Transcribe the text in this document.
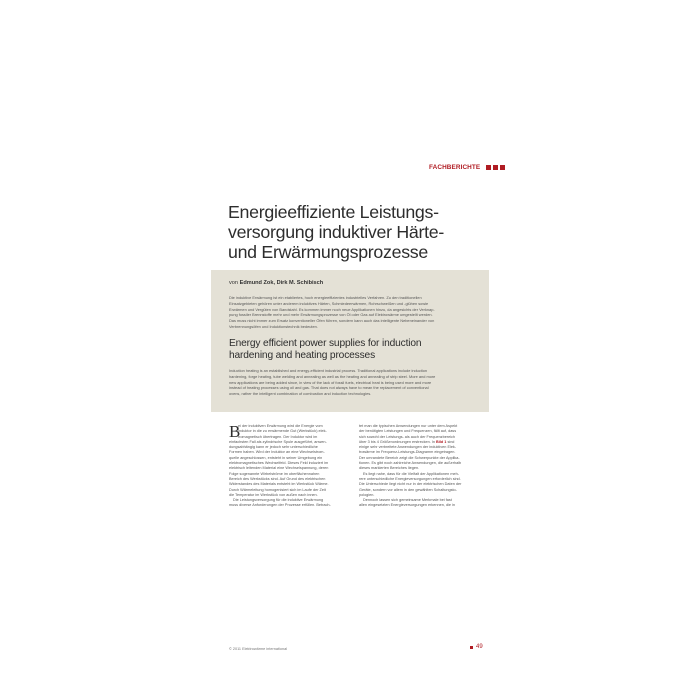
FACHBERICHTE
Energieeffiziente Leistungs-
versorgung induktiver Härte-
und Erwärmungsprozesse
von Edmund Zok, Dirk M. Schibisch
Die induktive Erwärmung ist ein etabliertes, hoch energieeffizientes industrielles Verfahren. Zu den traditionellen
Einsatzgebieten gehören unter anderem induktives Härten, Schmiedeerwärmen, Rohrschweißen und -glühen sowie
Erwärmen und Vergüten von Bandstahl. Es kommen immer noch neue Applikationen hinzu, da angesichts der Verknap-
pung fossiler Brennstoffe mehr und mehr Erwärmungsprozesse von Öl oder Gas auf Elektrowärme umgestellt werden.
Das muss nicht immer zum Ersatz konventioneller Öfen führen, sondern kann auch das intelligente Nebeneinander von
Verbrennungsöfen und Induktionstechnik bedeuten.
Energy efficient power supplies for induction
hardening and heating processes
Induction heating is an established and energy-efficient industrial process. Traditional applications include induction
hardening, forge heating, tube welding and annealing as well as the heating and annealing of strip steel. More and more
new applications are being added since, in view of the lack of fossil fuels, electrical heat is being used more and more
instead of heating processes using oil and gas. That does not always have to mean the replacement of conventional
ovens, rather the intelligent combination of combustion and induction technologies.
B
ei der induktiven Erwärmung wird die Energie vom
Induktor in die zu erwärmende Gut (Werkstück) elek-
tromagnetisch übertragen. Der Induktor wird im
einfachsten Fall als zylindrische Spule ausgeführt, anwen-
dungsabhängig kann er jedoch sehr unterschiedliche
Formen haben. Wird der Induktor an eine Wechselstrom-
quelle angeschlossen, entsteht in seiner Umgebung ein
elektromagnetisches Wechselfeld. Dieses Feld induziert im
elektrisch leitenden Material eine Wechselspannung, deren
Folge sogenannte Wirbelströme im oberflächennahen
Bereich des Werkstücks sind. Auf Grund des elektrischen
Widerstandes des Materials entsteht im Werkstück Wärme.
Durch Wärmeleitung homogenisiert sich im Laufe der Zeit
die Temperatur im Werkstück von außen nach innen.
Die Leistungsversorgung für die induktive Erwärmung
muss diverse Anforderungen der Prozesse erfüllen. Betrach-
tet man die typischen Anwendungen nur unter dem Aspekt
der benötigten Leistungen und Frequenzen, fällt auf, dass
sich sowohl der Leistungs- als auch der Frequenzbereich
über 3 bis 4 Größenordnungen erstrecken. In Bild 1 sind
einige sehr verbreitete Anwendungen der induktiven Elek-
trowärme im Frequenz-Leistungs-Diagramm eingetragen.
Der umrandete Bereich zeigt die Schwerpunkte der Applika-
tionen. Es gibt noch zahlreiche Anwendungen, die außerhalb
dieses markierten Bereiches liegen.
Es liegt nahe, dass für die Vielfalt der Applikationen meh-
rere unterschiedliche Energieversorgungen erforderlich sind.
Die Unterschiede liegt nicht nur in der elektrischen Daten der
Geräte, sondern vor allem in den gewählten Schaltungsto-
pologien.
Dennoch lassen sich gemeinsame Merkmale bei fast
allen eingesetzten Energieversorgungen erkennen, die in
© 2011 Elektrowärme international	49
